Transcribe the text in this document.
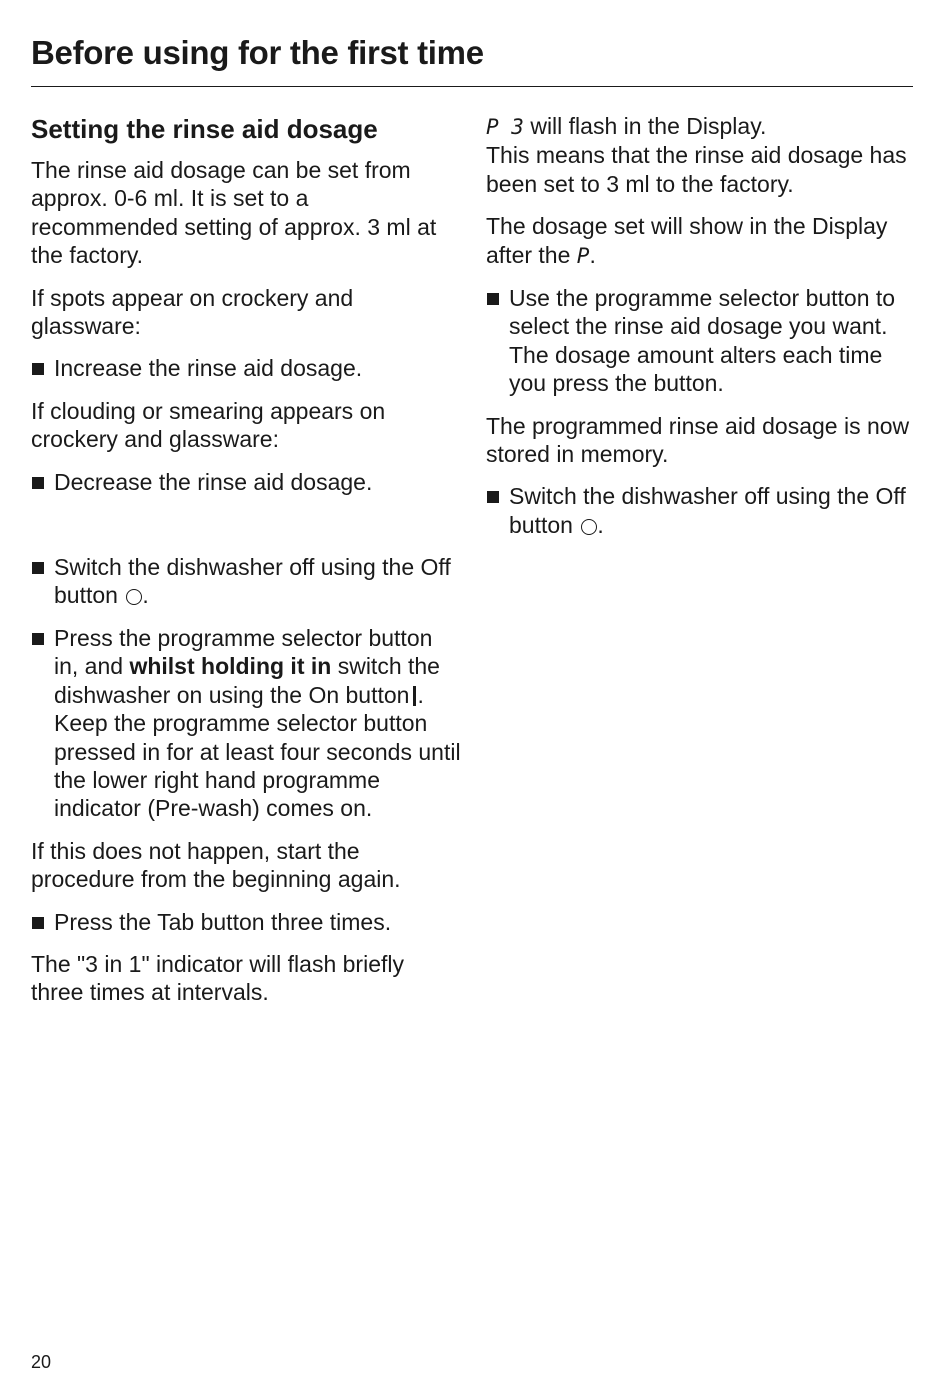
Before using for the first time
Setting the rinse aid dosage

The rinse aid dosage can be set from approx. 0-6 ml. It is set to a recommended setting of approx. 3 ml at the factory.

If spots appear on crockery and glassware:

Increase the rinse aid dosage.

If clouding or smearing appears on crockery and glassware:

Decrease the rinse aid dosage.
Switch the dishwasher off using the Off button .
Press the programme selector button in, and whilst holding it in switch the dishwasher on using the On button .
Keep the programme selector button pressed in for at least four seconds until the lower right hand programme indicator (Pre-wash) comes on.

If this does not happen, start the procedure from the beginning again.

Press the Tab button three times.

The "3 in 1" indicator will flash briefly three times at intervals.

P 3 will flash in the Display.
This means that the rinse aid dosage has been set to 3 ml to the factory.

The dosage set will show in the Display after the P.

Use the programme selector button to select the rinse aid dosage you want.
The dosage amount alters each time you press the button.

The programmed rinse aid dosage is now stored in memory.

Switch the dishwasher off using the Off button .
20
